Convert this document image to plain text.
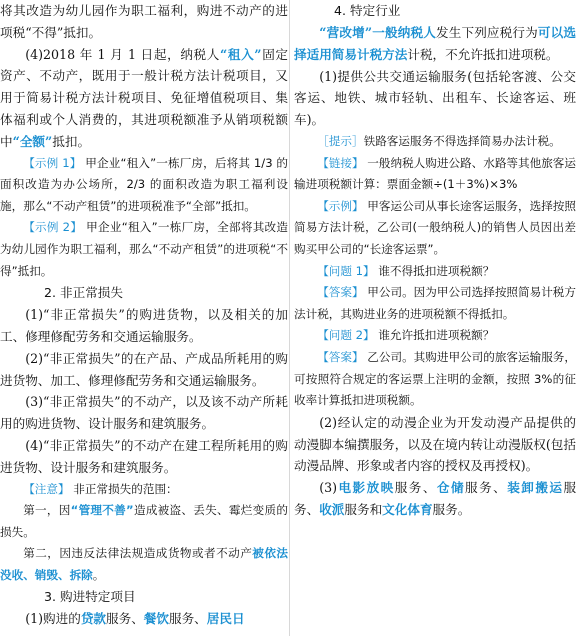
将其改造为幼儿园作为职工福利，购进不动产的进项税“不得”抵扣。

(4)2018 年 1 月 1 日起，纳税人“租入”固定资产、不动产，既用于一般计税方法计税项目，又用于简易计税方法计税项目、免征增值税项目、集体福利或个人消费的，其进项税额准予从销项税额中“全额”抵扣。

【 示例 1 】 甲企业“租入”一栋厂房，后将其 1/3 的面积改造为办公场所，2/3 的面积改造为职工福利设施，那么“不动产租赁”的进项税准予“全部”抵扣。

【 示例 2 】 甲企业“租入”一栋厂房，全部将其改造为幼儿园作为职工福利，那么“不动产租赁”的进项税“不得”抵扣。

2. 非正常损失

(1)“非正常损失”的购进货物，以及相关的加工、修理修配劳务和交通运输服务。

(2)“非正常损失”的在产品、产成品所耗用的购进货物、加工、修理修配劳务和交通运输服务。

(3)“非正常损失”的不动产，以及该不动产所耗用的购进货物、设计服务和建筑服务。

(4)“非正常损失”的不动产在建工程所耗用的购进货物、设计服务和建筑服务。

【 注意 】 非正常损失的范围：

第一，因“管理不善”造成被盗、丢失、霉烂变质的损失。

第二，因违反法律法规造成货物或者不动产被依法没收、销毁、拆除。

3. 购进特定项目

(1)购进的贷款服务、餐饮服务、居民日

4. 特定行业

“营改增”一般纳税人发生下列应税行为可以选择适用简易计税方法计税，不允许抵扣进项税。

(1)提供公共交通运输服务(包括轮客渡、公交客运、地铁、城市轻轨、出租车、长途客运、班车)。

［ 提示 ］ 铁路客运服务不得选择简易办法计税。

【 链接 】 一般纳税人购进公路、水路等其他旅客运输进项税额计算：票面金额÷(1＋3%)×3%

【 示例 】 甲客运公司从事长途客运服务，选择按照简易方法计税，乙公司(一般纳税人)的销售人员因出差购买甲公司的“长途客运票”。

【 问题 1 】 谁不得抵扣进项税额？

【 答案 】 甲公司。因为甲公司选择按照简易计税方法计税，其购进业务的进项税额不得抵扣。

【 问题 2 】 谁允许抵扣进项税额？

【 答案 】 乙公司。其购进甲公司的旅客运输服务，可按照符合规定的客运票上注明的金额，按照 3%的征收率计算抵扣进项税额。

(2)经认定的动漫企业为开发动漫产品提供的动漫脚本编撰服务，以及在境内转让动漫版权(包括动漫品牌、形象或者内容的授权及再授权)。

(3)电影放映服务、仓储服务、装卸搬运服务、收派服务和文化体育服务。
